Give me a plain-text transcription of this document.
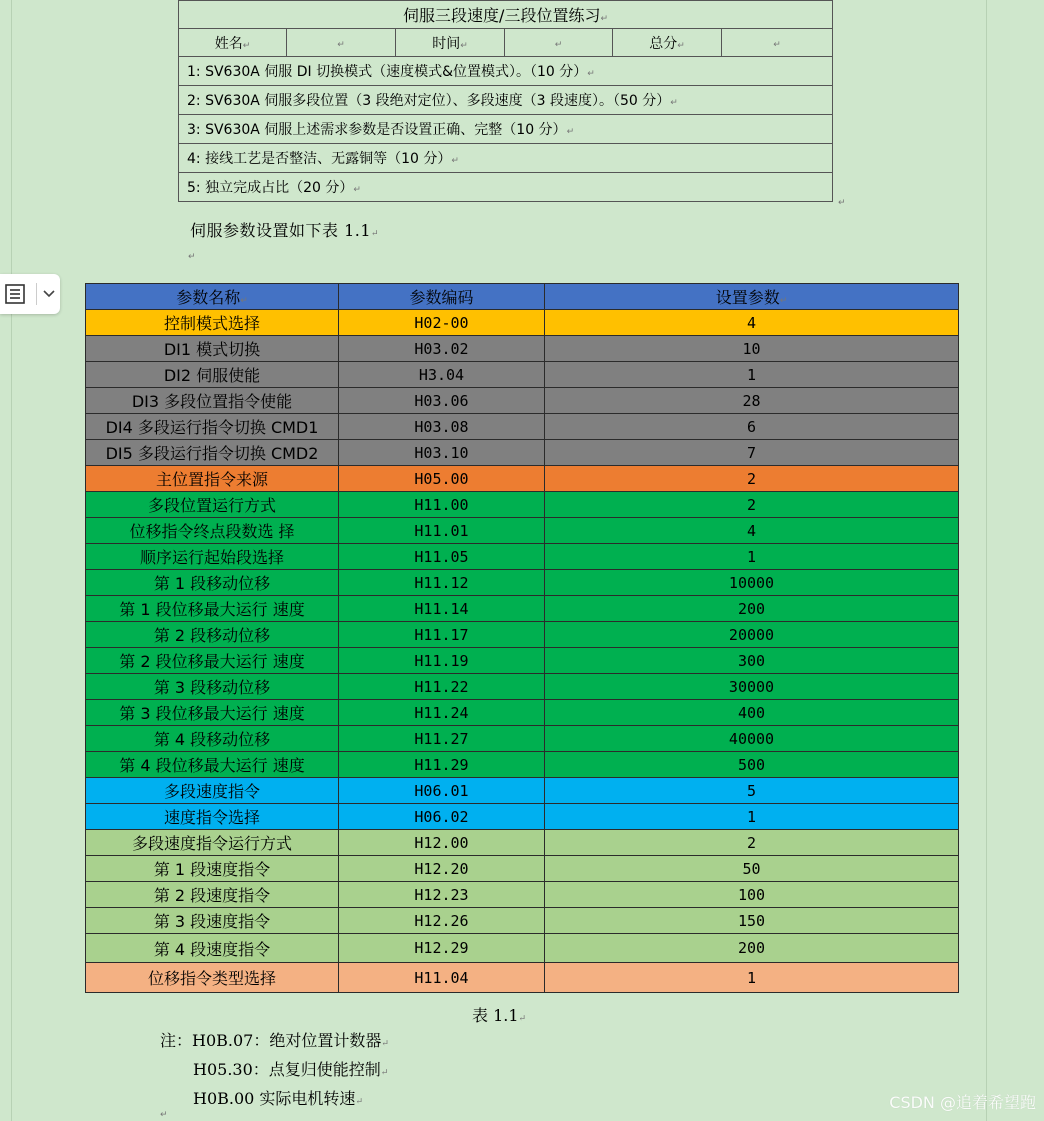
伺服三段速度/三段位置练习↵
姓名↵	↵	时间↵	↵	总分↵	↵
1: SV630A 伺服 DI 切换模式（速度模式&位置模式）。（10 分）↵
2: SV630A 伺服多段位置（3 段绝对定位）、多段速度（3 段速度）。（50 分）↵
3: SV630A 伺服上述需求参数是否设置正确、完整（10 分）↵
4: 接线工艺是否整洁、无露铜等（10 分）↵
5: 独立完成占比（20 分）↵
↵
伺服参数设置如下表 1.1↵
↵
参数名称↵	参数编码	设置参数↵
控制模式选择	H02-00	4
DI1 模式切换	H03.02	10
DI2 伺服使能	H3.04	1
DI3 多段位置指令使能	H03.06	28
DI4 多段运行指令切换 CMD1	H03.08	6
DI5 多段运行指令切换 CMD2	H03.10	7
主位置指令来源	H05.00	2
多段位置运行方式	H11.00	2
位移指令终点段数选 择	H11.01	4
顺序运行起始段选择	H11.05	1
第 1 段移动位移	H11.12	10000
第 1 段位移最大运行 速度	H11.14	200
第 2 段移动位移	H11.17	20000
第 2 段位移最大运行 速度	H11.19	300
第 3 段移动位移	H11.22	30000
第 3 段位移最大运行 速度	H11.24	400
第 4 段移动位移	H11.27	40000
第 4 段位移最大运行 速度	H11.29	500
多段速度指令	H06.01	5
速度指令选择	H06.02	1
多段速度指令运行方式	H12.00	2
第 1 段速度指令	H12.20	50
第 2 段速度指令	H12.23	100
第 3 段速度指令	H12.26	150
第 4 段速度指令	H12.29	200
位移指令类型选择	H11.04	1
表 1.1↵
注：H0B.07：绝对位置计数器↵
H05.30：点复归使能控制↵
H0B.00 实际电机转速↵
↵
CSDN @追着希望跑
